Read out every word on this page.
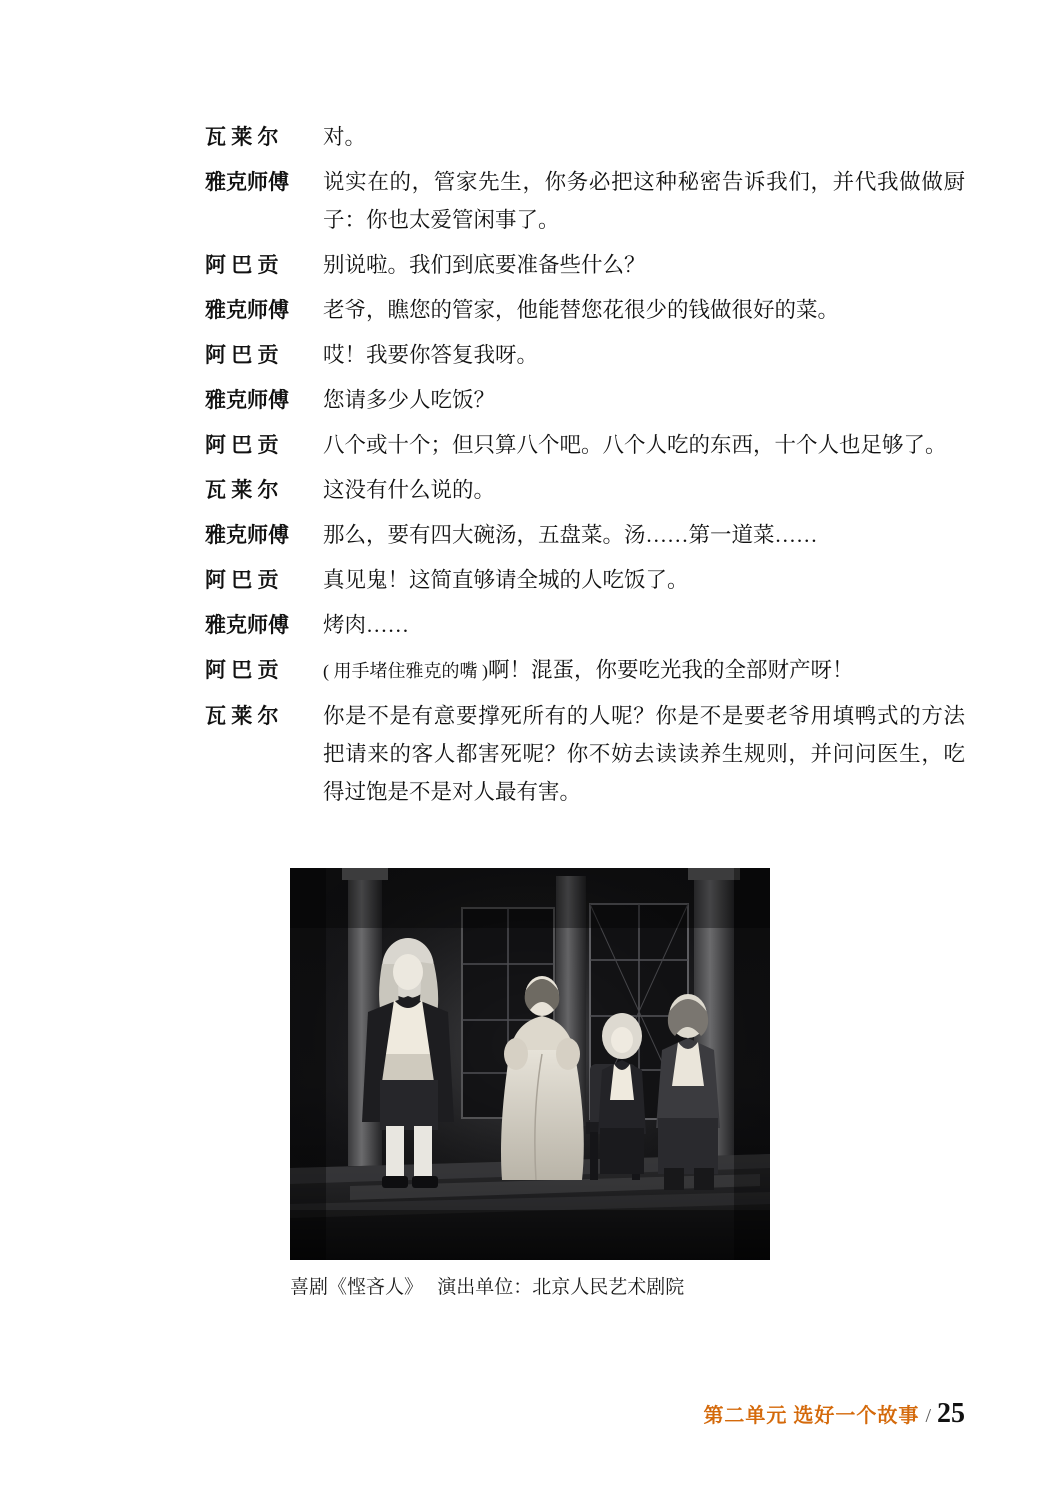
瓦 莱 尔	对。
雅克师傅	说实在的，管家先生，你务必把这种秘密告诉我们，并代我做做厨子：你也太爱管闲事了。
阿 巴 贡	别说啦。我们到底要准备些什么？
雅克师傅	老爷，瞧您的管家，他能替您花很少的钱做很好的菜。
阿 巴 贡	哎！我要你答复我呀。
雅克师傅	您请多少人吃饭？
阿 巴 贡	八个或十个；但只算八个吧。八个人吃的东西，十个人也足够了。
瓦 莱 尔	这没有什么说的。
雅克师傅	那么，要有四大碗汤，五盘菜。汤……第一道菜……
阿 巴 贡	真见鬼！这简直够请全城的人吃饭了。
雅克师傅	烤肉……
阿 巴 贡	( 用手堵住雅克的嘴 )啊！混蛋，你要吃光我的全部财产呀！
瓦 莱 尔	你是不是有意要撑死所有的人呢？你是不是要老爷用填鸭式的方法把请来的客人都害死呢？你不妨去读读养生规则，并问问医生，吃得过饱是不是对人最有害。
喜剧《悭吝人》   演出单位：北京人民艺术剧院
第二单元 选好一个故事 / 25
